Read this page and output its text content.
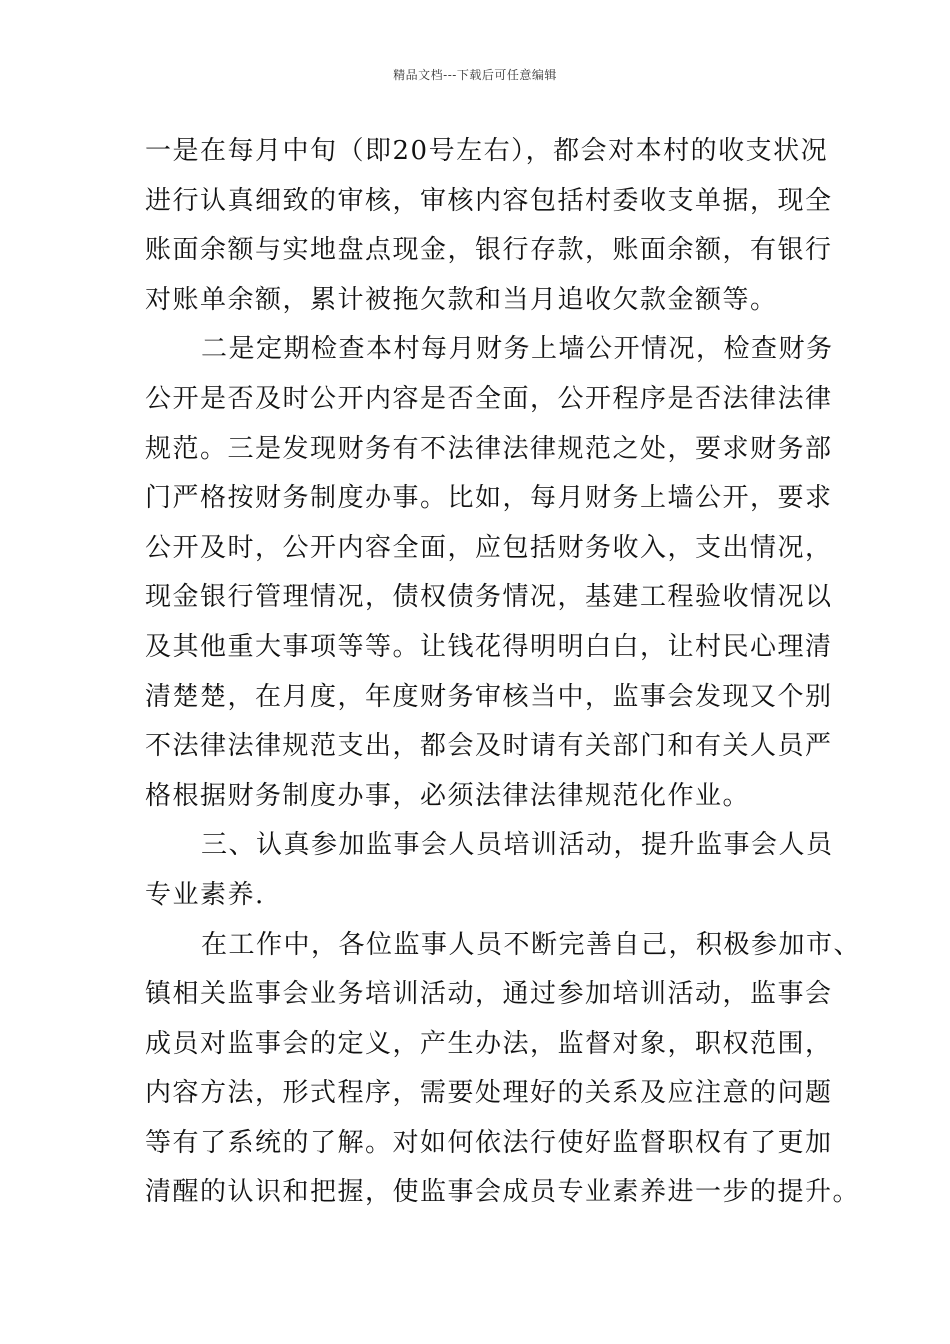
精品文档---下载后可任意编辑
一是在每月中旬（即20号左右），都会对本村的收支状况
进行认真细致的审核，审核内容包括村委收支单据，现全
账面余额与实地盘点现金，银行存款，账面余额，有银行
对账单余额，累计被拖欠款和当月追收欠款金额等。
二是定期检查本村每月财务上墙公开情况，检查财务
公开是否及时公开内容是否全面，公开程序是否法律法律
规范。三是发现财务有不法律法律规范之处，要求财务部
门严格按财务制度办事。比如，每月财务上墙公开，要求
公开及时，公开内容全面，应包括财务收入，支出情况，
现金银行管理情况，债权债务情况，基建工程验收情况以
及其他重大事项等等。让钱花得明明白白，让村民心理清
清楚楚，在月度，年度财务审核当中，监事会发现又个别
不法律法律规范支出，都会及时请有关部门和有关人员严
格根据财务制度办事，必须法律法律规范化作业。
三、认真参加监事会人员培训活动，提升监事会人员
专业素养.
在工作中，各位监事人员不断完善自己，积极参加市、
镇相关监事会业务培训活动，通过参加培训活动，监事会
成员对监事会的定义，产生办法，监督对象，职权范围，
内容方法，形式程序，需要处理好的关系及应注意的问题
等有了系统的了解。对如何依法行使好监督职权有了更加
清醒的认识和把握，使监事会成员专业素养进一步的提升。
